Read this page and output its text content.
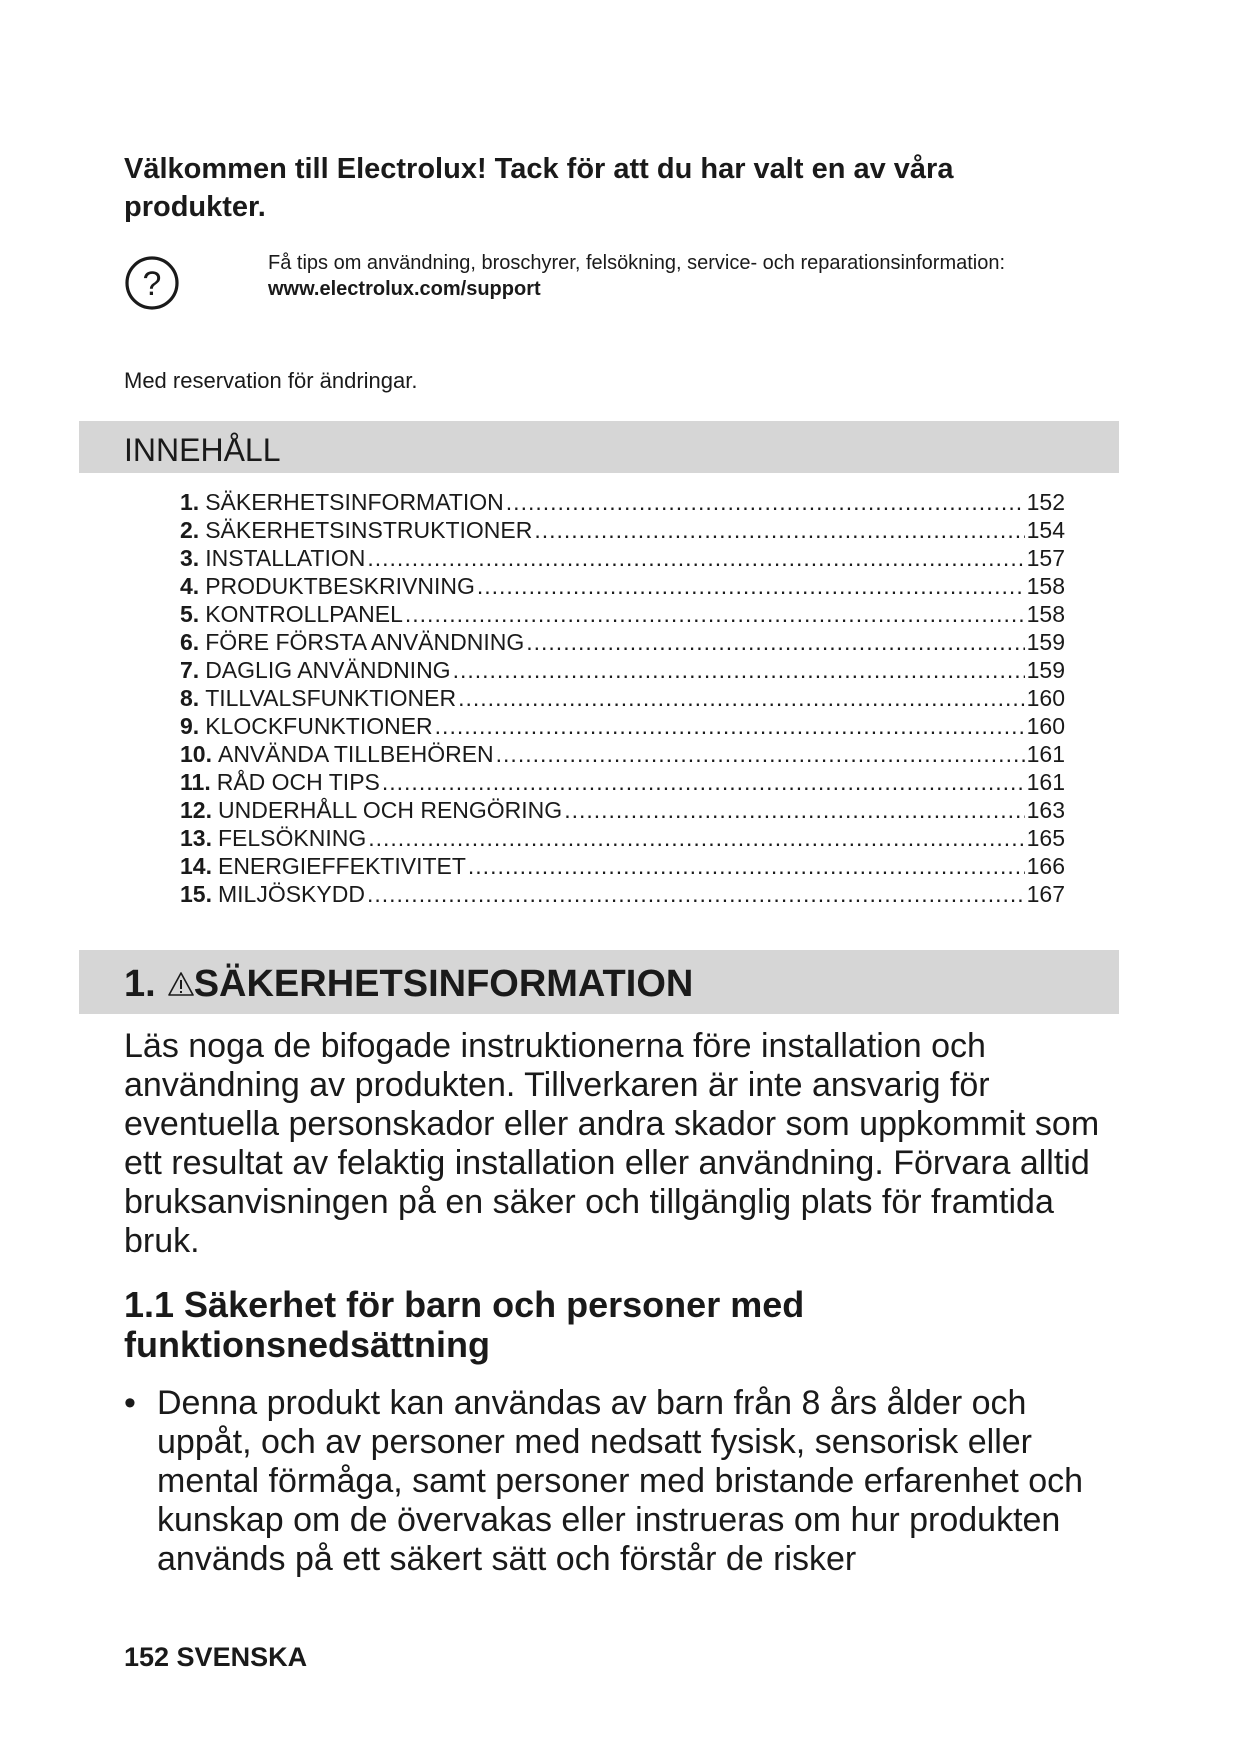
Välkommen till Electrolux! Tack för att du har valt en av våra produkter.
?
Få tips om användning, broschyrer, felsökning, service- och reparationsinformation:
www.electrolux.com/support
Med reservation för ändringar.
INNEHÅLL
1. SÄKERHETSINFORMATION .....	152
2. SÄKERHETSINSTRUKTIONER .....	154
3. INSTALLATION .....	157
4. PRODUKTBESKRIVNING .....	158
5. KONTROLLPANEL .....	158
6. FÖRE FÖRSTA ANVÄNDNING .....	159
7. DAGLIG ANVÄNDNING .....	159
8. TILLVALSFUNKTIONER .....	160
9. KLOCKFUNKTIONER .....	160
10. ANVÄNDA TILLBEHÖREN .....	161
11. RÅD OCH TIPS .....	161
12. UNDERHÅLL OCH RENGÖRING .....	163
13. FELSÖKNING .....	165
14. ENERGIEFFEKTIVITET .....	166
15. MILJÖSKYDD .....	167
1. SÄKERHETSINFORMATION

Läs noga de bifogade instruktionerna före installation och användning av produkten. Tillverkaren är inte ansvarig för eventuella personskador eller andra skador som uppkommit som ett resultat av felaktig installation eller användning. Förvara alltid bruksanvisningen på en säker och tillgänglig plats för framtida bruk.

1.1 Säkerhet för barn och personer med funktionsnedsättning
• Denna produkt kan användas av barn från 8 års ålder och uppåt, och av personer med nedsatt fysisk, sensorisk eller mental förmåga, samt personer med bristande erfarenhet och kunskap om de övervakas eller instrueras om hur produkten används på ett säkert sätt och förstår de risker
152 SVENSKA
